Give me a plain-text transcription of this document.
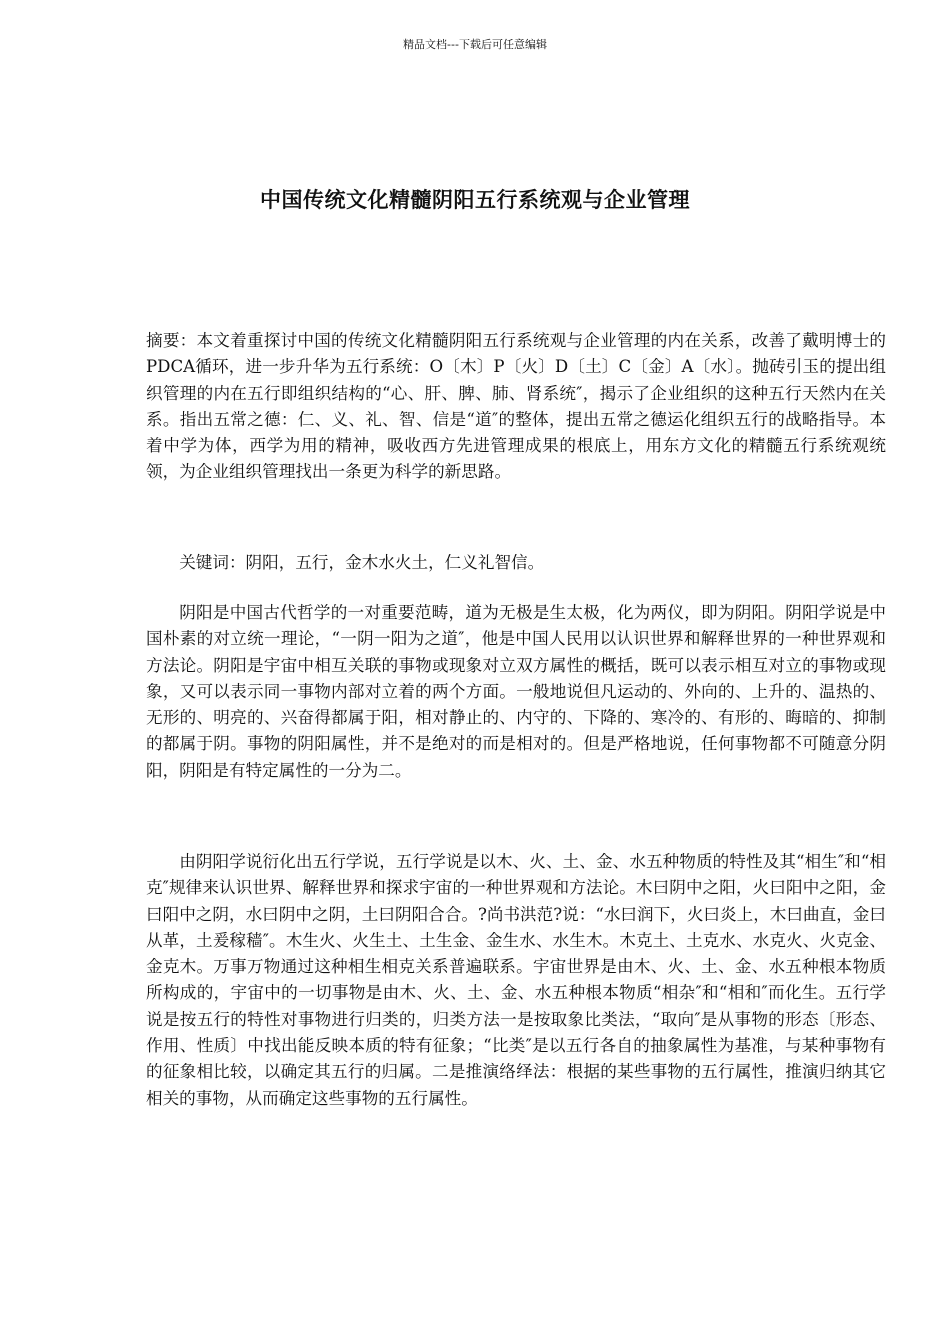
精品文档---下载后可任意编辑
中国传统文化精髓阴阳五行系统观与企业管理

摘要：本文着重探讨中国的传统文化精髓阴阳五行系统观与企业管理的内在关系，改善了戴明博士的PDCA循环，进一步升华为五行系统：O〔木〕P〔火〕D〔土〕C〔金〕A〔水〕。抛砖引玉的提出组织管理的内在五行即组织结构的“心、肝、脾、肺、肾系统″，揭示了企业组织的这种五行天然内在关系。指出五常之德：仁、义、礼、智、信是“道″的整体，提出五常之德运化组织五行的战略指导。本着中学为体，西学为用的精神，吸收西方先进管理成果的根底上，用东方文化的精髓五行系统观统领，为企业组织管理找出一条更为科学的新思路。

关键词：阴阳，五行，金木水火土，仁义礼智信。

阴阳是中国古代哲学的一对重要范畴，道为无极是生太极，化为两仪，即为阴阳。阴阳学说是中国朴素的对立统一理论，“一阴一阳为之道″，他是中国人民用以认识世界和解释世界的一种世界观和方法论。阴阳是宇宙中相互关联的事物或现象对立双方属性的概括，既可以表示相互对立的事物或现象，又可以表示同一事物内部对立着的两个方面。一般地说但凡运动的、外向的、上升的、温热的、无形的、明亮的、兴奋得都属于阳，相对静止的、内守的、下降的、寒冷的、有形的、晦暗的、抑制的都属于阴。事物的阴阳属性，并不是绝对的而是相对的。但是严格地说，任何事物都不可随意分阴阳，阴阳是有特定属性的一分为二。

由阴阳学说衍化出五行学说，五行学说是以木、火、土、金、水五种物质的特性及其“相生″和“相克″规律来认识世界、解释世界和探求宇宙的一种世界观和方法论。木曰阴中之阳，火曰阳中之阳，金曰阳中之阴，水曰阴中之阴，土曰阴阳合合。?尚书洪范?说：“水曰润下，火曰炎上，木曰曲直，金曰从革，土爰稼穑″。木生火、火生土、土生金、金生水、水生木。木克土、土克水、水克火、火克金、金克木。万事万物通过这种相生相克关系普遍联系。宇宙世界是由木、火、土、金、水五种根本物质所构成的，宇宙中的一切事物是由木、火、土、金、水五种根本物质“相杂″和“相和″而化生。五行学说是按五行的特性对事物进行归类的，归类方法一是按取象比类法，“取向″是从事物的形态〔形态、作用、性质〕中找出能反映本质的特有征象；“比类″是以五行各自的抽象属性为基准，与某种事物有的征象相比较，以确定其五行的归属。二是推演络绎法：根据的某些事物的五行属性，推演归纳其它相关的事物，从而确定这些事物的五行属性。
